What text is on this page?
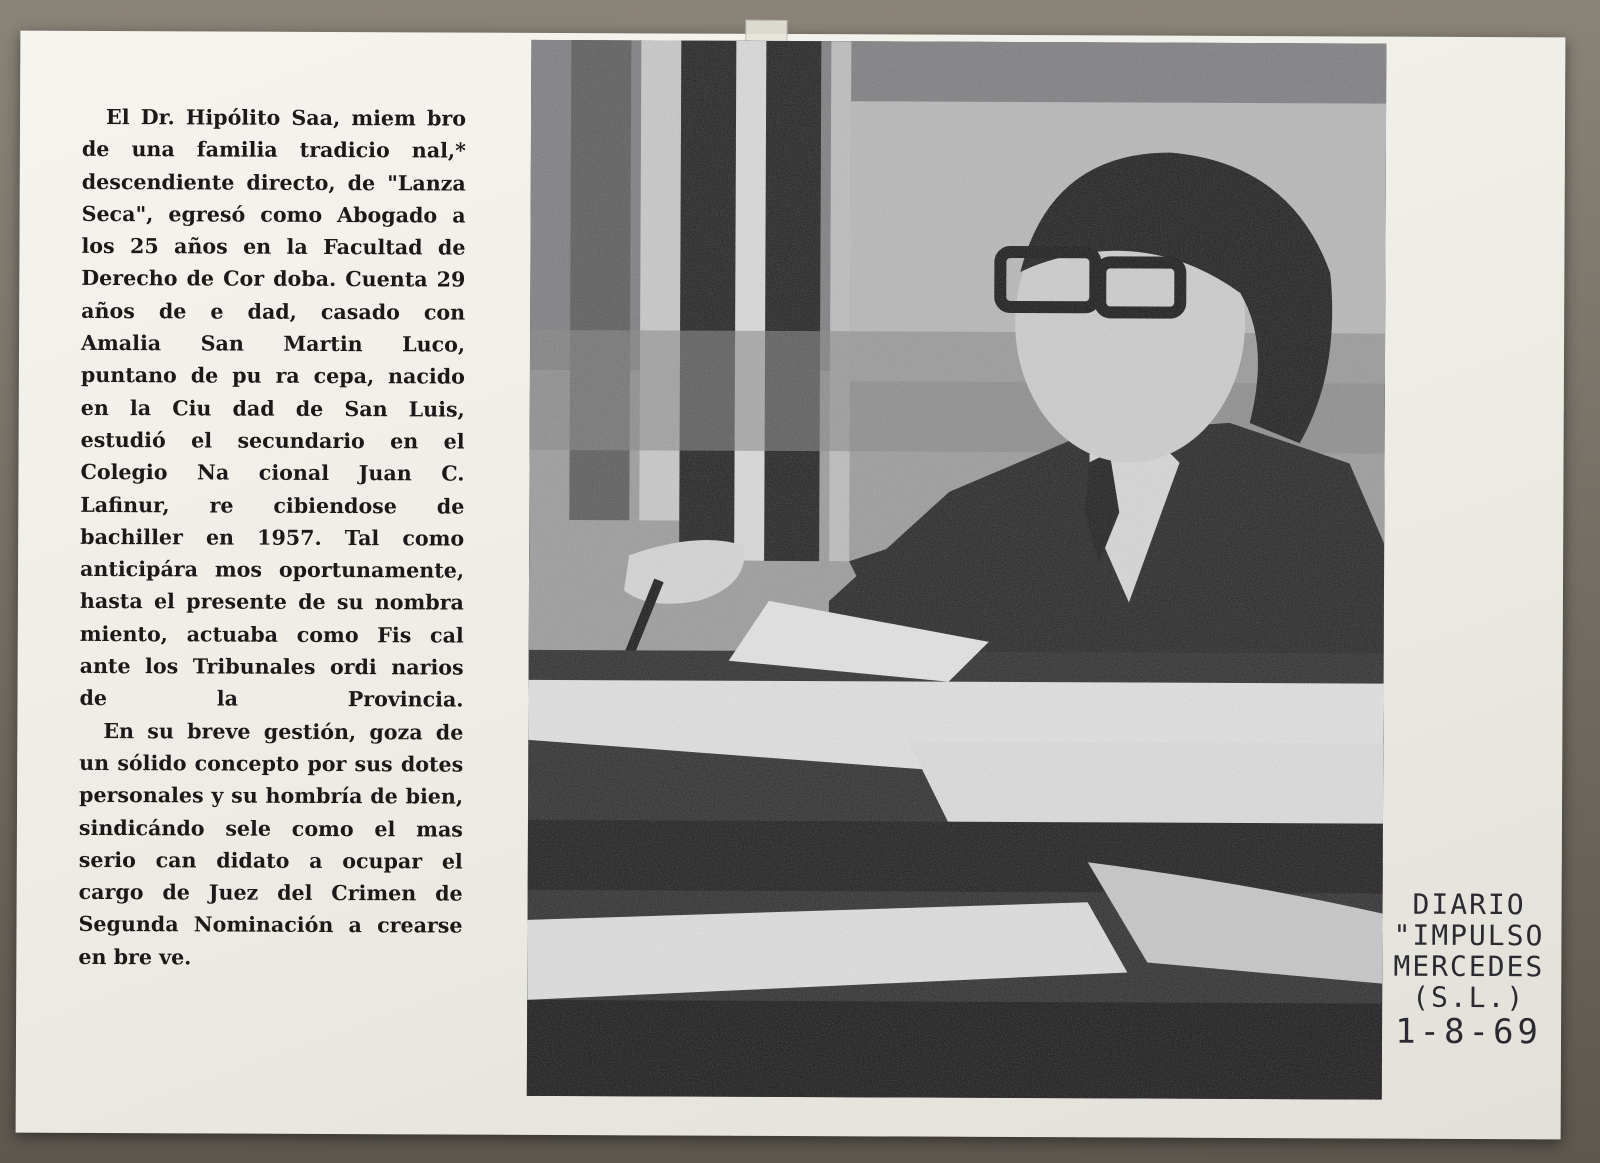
El Dr. Hipólito Saa, miem bro de una familia tradicio nal,* descendiente directo, de "Lanza Seca", egresó como Abogado a los 25 años en la Facultad de Derecho de Cor doba. Cuenta 29 años de e dad, casado con Amalia San Martin Luco, puntano de pu ra cepa, nacido en la Ciu dad de San Luis, estudió el secundario en el Colegio Na cional Juan C. Lafinur, re cibiendose de bachiller en 1957. Tal como anticipára mos oportunamente, hasta el presente de su nombra miento, actuaba como Fis cal ante los Tribunales ordi narios de la Provincia.

En su breve gestión, goza de un sólido concepto por sus dotes personales y su hombría de bien, sindicándo sele como el mas serio can didato a ocupar el cargo de Juez del Crimen de Segunda Nominación a crearse en bre ve.

DIARIO
"IMPULSO
MERCEDES
(S.L.)
1-8-69
